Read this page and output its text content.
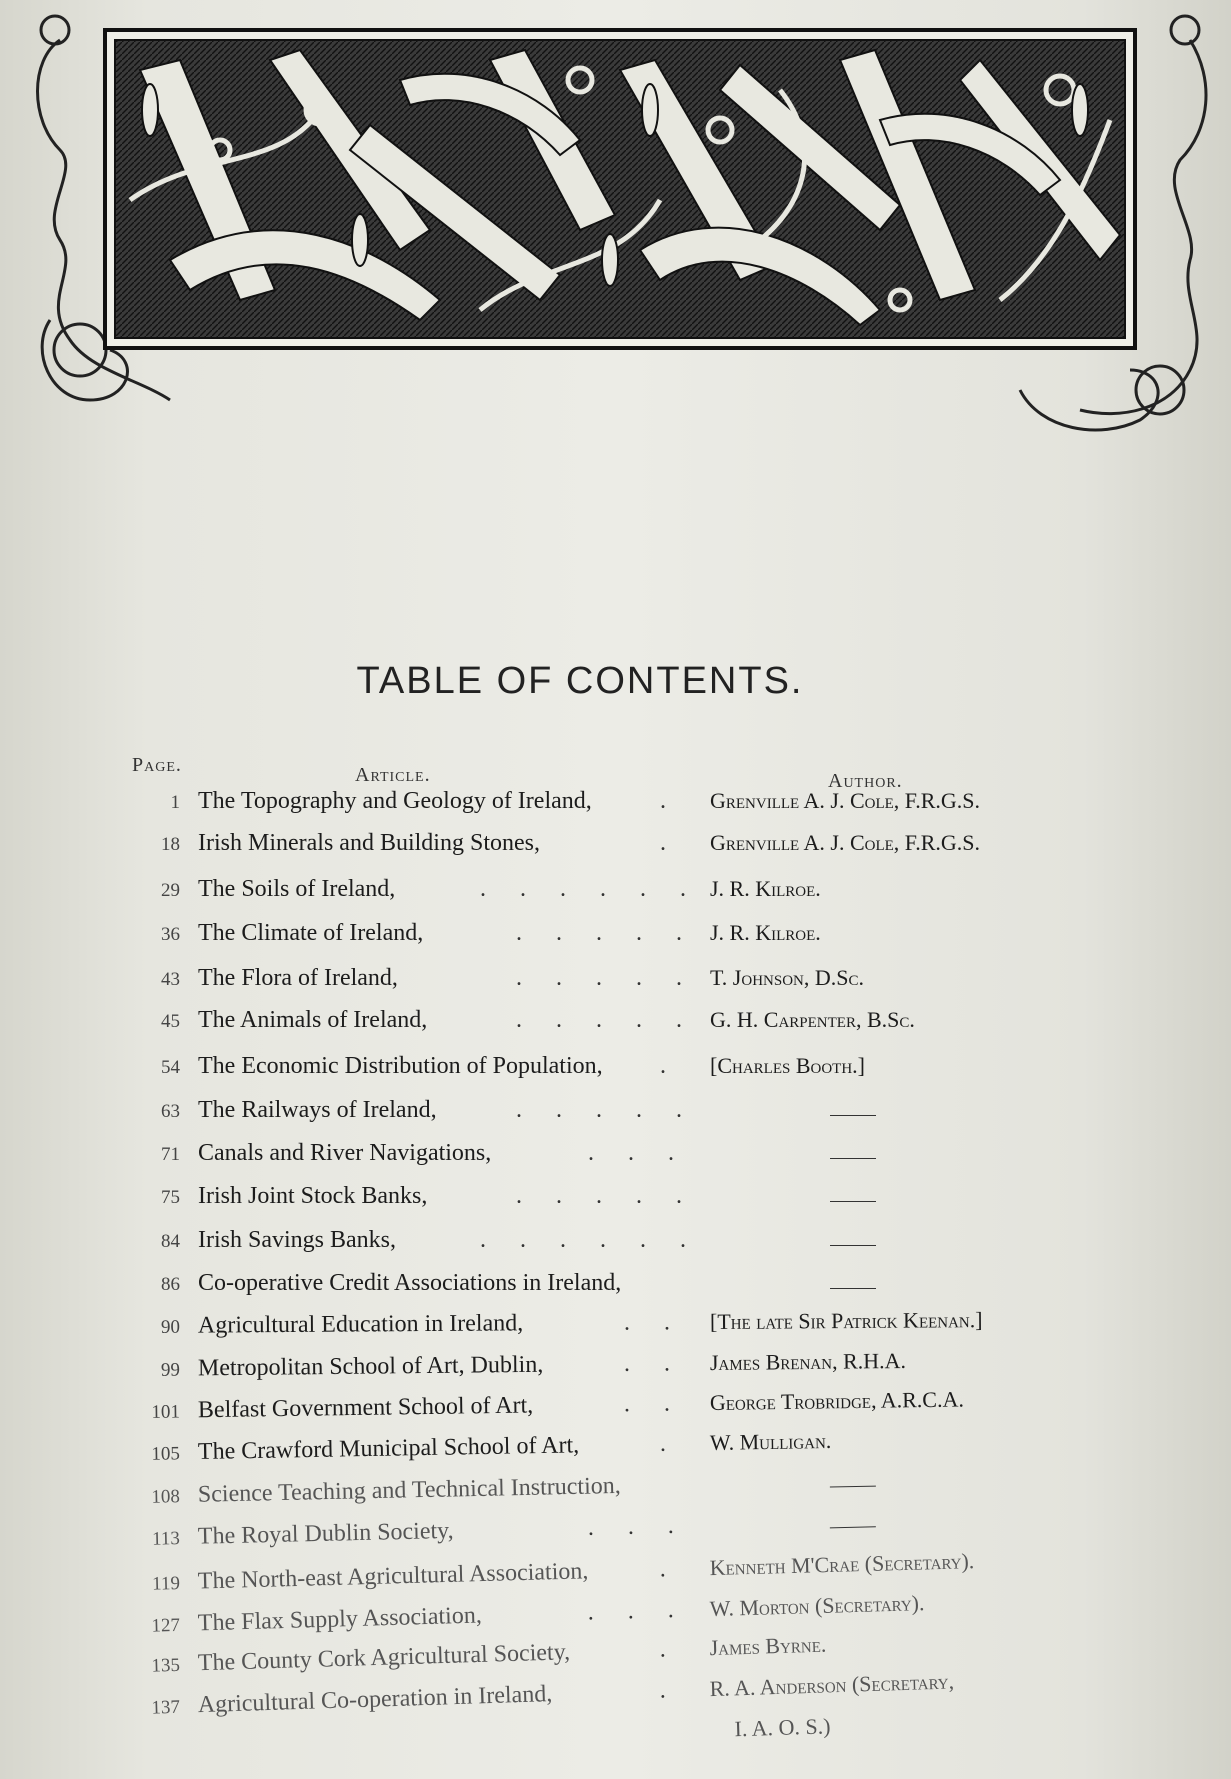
TABLE OF CONTENTS.
Page.	Article.	Author.
1 The Topography and Geology of Ireland,	. Grenville A. J. Cole, F.R.G.S.
18 Irish Minerals and Building Stones,	. Grenville A. J. Cole, F.R.G.S.
29 The Soils of Ireland,	. . . . . . J. R. Kilroe.
36 The Climate of Ireland,	. . . . . J. R. Kilroe.
43 The Flora of Ireland,	. . . . . T. Johnson, D.Sc.
45 The Animals of Ireland,	. . . . . G. H. Carpenter, B.Sc.
54 The Economic Distribution of Population, . [Charles Booth.]
63 The Railways of Ireland,	. . . . .
71 Canals and River Navigations,	. . .
75 Irish Joint Stock Banks,	. . . . .
84 Irish Savings Banks,	. . . . . .
86 Co-operative Credit Associations in Ireland,
90 Agricultural Education in Ireland,	. . [The late Sir Patrick Keenan.]
99 Metropolitan School of Art, Dublin,	. . James Brenan, R.H.A.
101 Belfast Government School of Art,	. . George Trobridge, A.R.C.A.
105 The Crawford Municipal School of Art,	. W. Mulligan.
108 Science Teaching and Technical Instruction,
113 The Royal Dublin Society,	. . .
119 The North-east Agricultural Association,	. Kenneth M'Crae (Secretary).
127 The Flax Supply Association,	. . . W. Morton (Secretary).
135 The County Cork Agricultural Society,	. James Byrne.
137 Agricultural Co-operation in Ireland,	. R. A. Anderson (Secretary,
I. A. O. S.)
